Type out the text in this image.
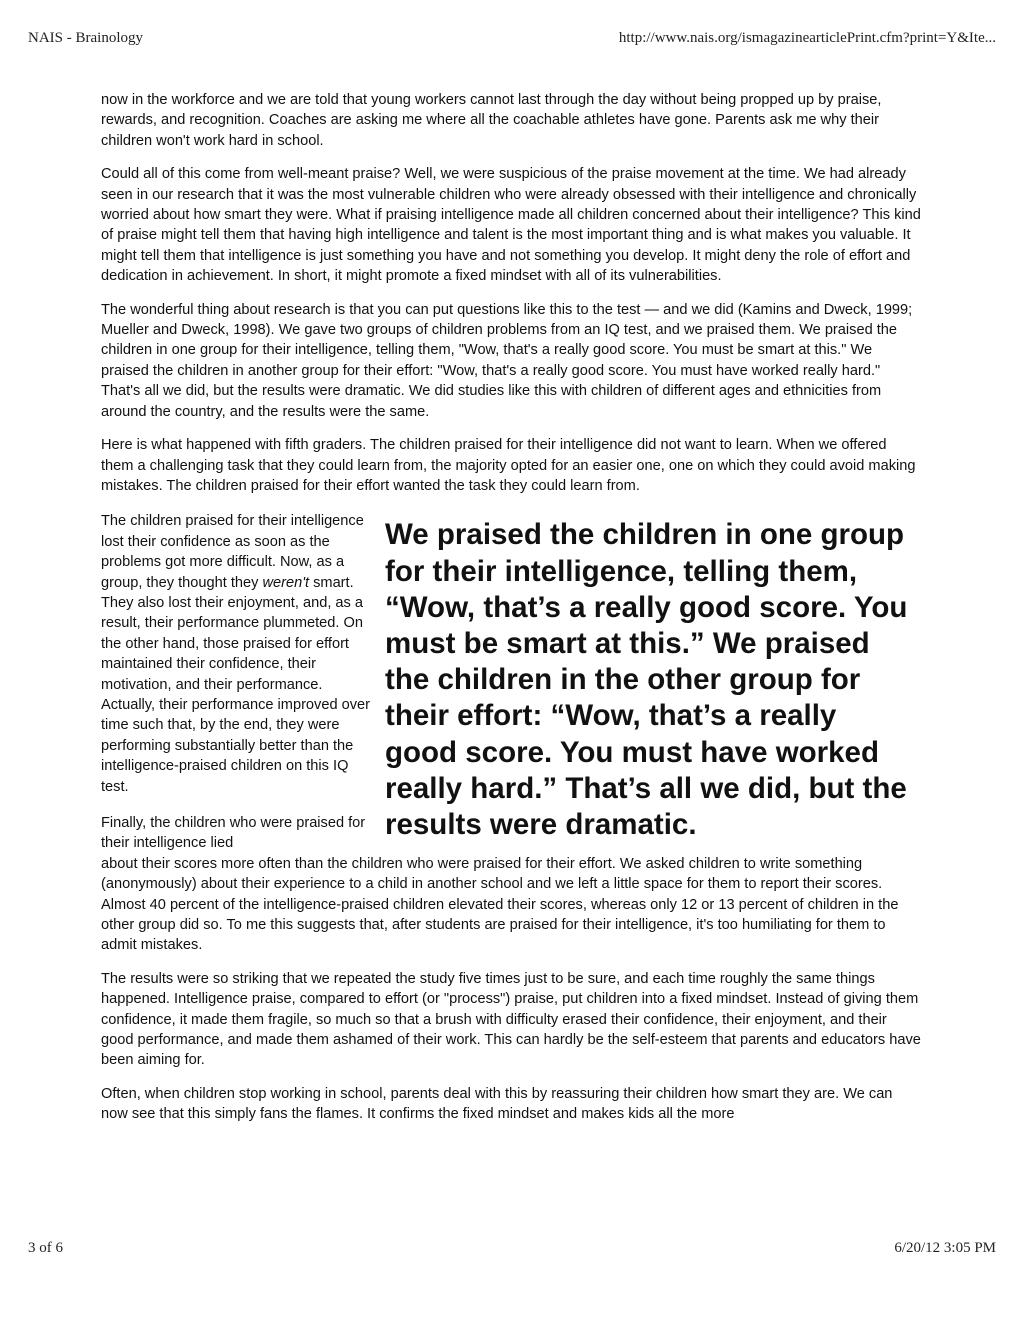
NAIS - Brainology	http://www.nais.org/ismagazinearticlePrint.cfm?print=Y&Ite...

now in the workforce and we are told that young workers cannot last through the day without being propped up by praise, rewards, and recognition. Coaches are asking me where all the coachable athletes have gone. Parents ask me why their children won't work hard in school.

Could all of this come from well-meant praise? Well, we were suspicious of the praise movement at the time. We had already seen in our research that it was the most vulnerable children who were already obsessed with their intelligence and chronically worried about how smart they were. What if praising intelligence made all children concerned about their intelligence? This kind of praise might tell them that having high intelligence and talent is the most important thing and is what makes you valuable. It might tell them that intelligence is just something you have and not something you develop. It might deny the role of effort and dedication in achievement. In short, it might promote a fixed mindset with all of its vulnerabilities.

The wonderful thing about research is that you can put questions like this to the test — and we did (Kamins and Dweck, 1999; Mueller and Dweck, 1998). We gave two groups of children problems from an IQ test, and we praised them. We praised the children in one group for their intelligence, telling them, "Wow, that's a really good score. You must be smart at this." We praised the children in another group for their effort: "Wow, that's a really good score. You must have worked really hard." That's all we did, but the results were dramatic. We did studies like this with children of different ages and ethnicities from around the country, and the results were the same.

Here is what happened with fifth graders. The children praised for their intelligence did not want to learn. When we offered them a challenging task that they could learn from, the majority opted for an easier one, one on which they could avoid making mistakes. The children praised for their effort wanted the task they could learn from.

The children praised for their intelligence lost their confidence as soon as the problems got more difficult. Now, as a group, they thought they weren't smart. They also lost their enjoyment, and, as a result, their performance plummeted. On the other hand, those praised for effort maintained their confidence, their motivation, and their performance. Actually, their performance improved over time such that, by the end, they were performing substantially better than the intelligence-praised children on this IQ test.

Finally, the children who were praised for their intelligence lied

We praised the children in one group for their intelligence, telling them, “Wow, that’s a really good score. You must be smart at this.” We praised the children in the other group for their effort: “Wow, that’s a really good score. You must have worked really hard.” That’s all we did, but the results were dramatic.

about their scores more often than the children who were praised for their effort. We asked children to write something (anonymously) about their experience to a child in another school and we left a little space for them to report their scores. Almost 40 percent of the intelligence-praised children elevated their scores, whereas only 12 or 13 percent of children in the other group did so. To me this suggests that, after students are praised for their intelligence, it's too humiliating for them to admit mistakes.

The results were so striking that we repeated the study five times just to be sure, and each time roughly the same things happened. Intelligence praise, compared to effort (or "process") praise, put children into a fixed mindset. Instead of giving them confidence, it made them fragile, so much so that a brush with difficulty erased their confidence, their enjoyment, and their good performance, and made them ashamed of their work. This can hardly be the self-esteem that parents and educators have been aiming for.

Often, when children stop working in school, parents deal with this by reassuring their children how smart they are. We can now see that this simply fans the flames. It confirms the fixed mindset and makes kids all the more

3 of 6	6/20/12 3:05 PM
